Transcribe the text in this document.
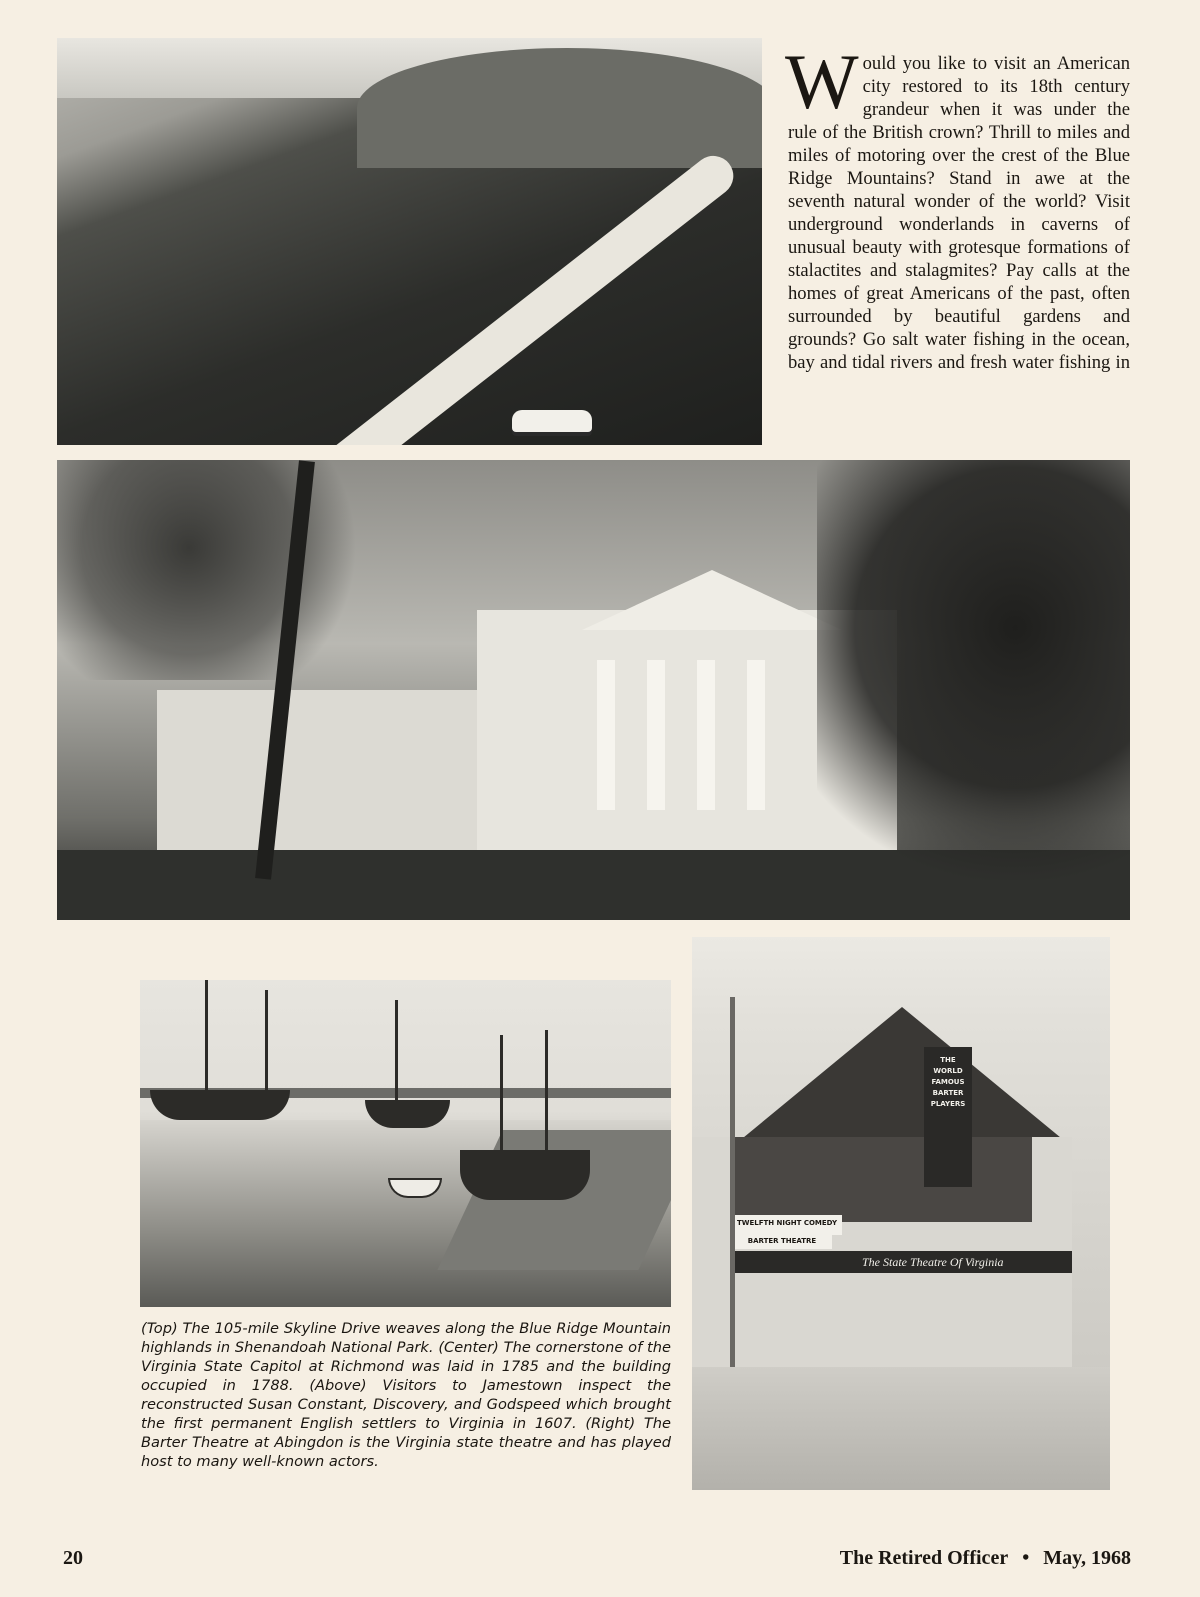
Would you like to visit an American city restored to its 18th century grandeur when it was under the rule of the British crown? Thrill to miles and miles of motoring over the crest of the Blue Ridge Mountains? Stand in awe at the seventh natural wonder of the world? Visit underground wonderlands in caverns of unusual beauty with grotesque formations of stalactites and stalagmites? Pay calls at the homes of great Americans of the past, often surrounded by beautiful gardens and grounds? Go salt water fishing in the ocean, bay and tidal rivers and fresh water fishing in
(Top) The 105-mile Skyline Drive weaves along the Blue Ridge Mountain highlands in Shenandoah National Park. (Center) The cornerstone of the Virginia State Capitol at Richmond was laid in 1785 and the building occupied in 1788. (Above) Visitors to Jamestown inspect the reconstructed Susan Constant, Discovery, and Godspeed which brought the first permanent English settlers to Virginia in 1607. (Right) The Barter Theatre at Abingdon is the Virginia state theatre and has played host to many well-known actors.
THE WORLD FAMOUS BARTER PLAYERS
TWELFTH NIGHT COMEDY
BARTER THEATRE
The State Theatre Of Virginia
20	The Retired Officer • May, 1968
